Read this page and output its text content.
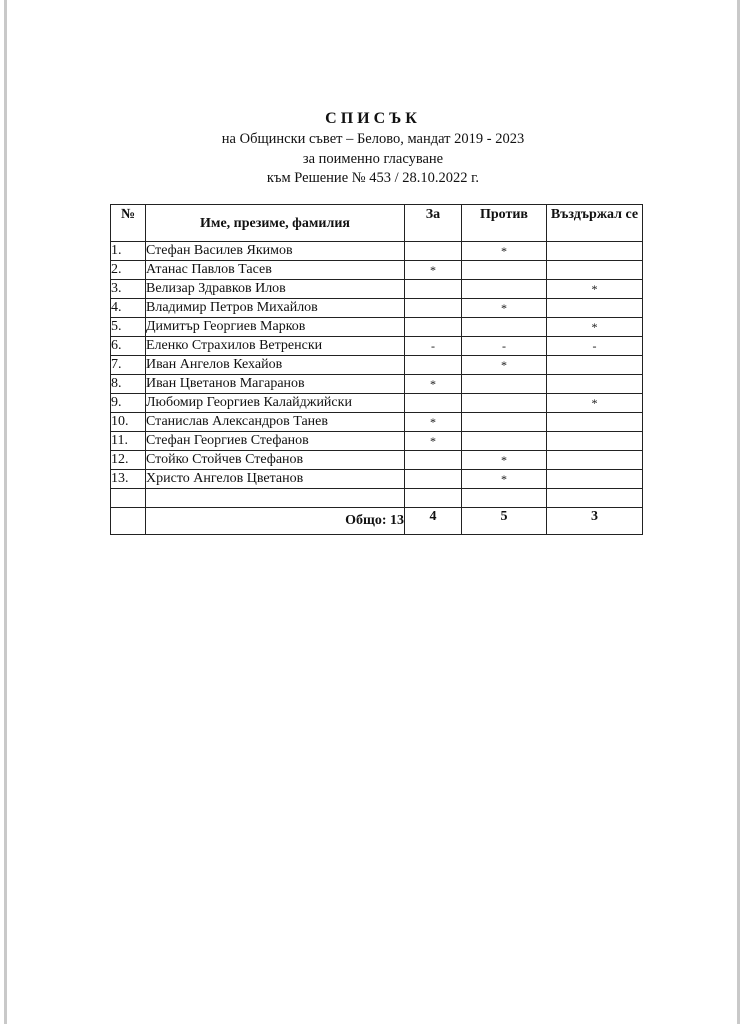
СПИСЪК
на Общински съвет – Белово, мандат 2019 - 2023
за поименно гласуване
към Решение № 453 / 28.10.2022 г.
№	Име, презиме, фамилия	За	Против	Въздържал се
1.	Стефан Василев Якимов		*	
2.	Атанас Павлов Тасев	*		
3.	Велизар Здравков Илов			*
4.	Владимир Петров Михайлов		*	
5.	Димитър Георгиев Марков			*
6.	Еленко Страхилов Ветренски	-	-	-
7.	Иван Ангелов Кехайов		*	
8.	Иван Цветанов Магаранов	*		
9.	Любомир Георгиев Калайджийски			*
10.	Станислав Александров Танев	*		
11.	Стефан Георгиев Стефанов	*		
12.	Стойко Стойчев Стефанов		*	
13.	Христо Ангелов Цветанов		*	

	Общо: 13	4	5	3
